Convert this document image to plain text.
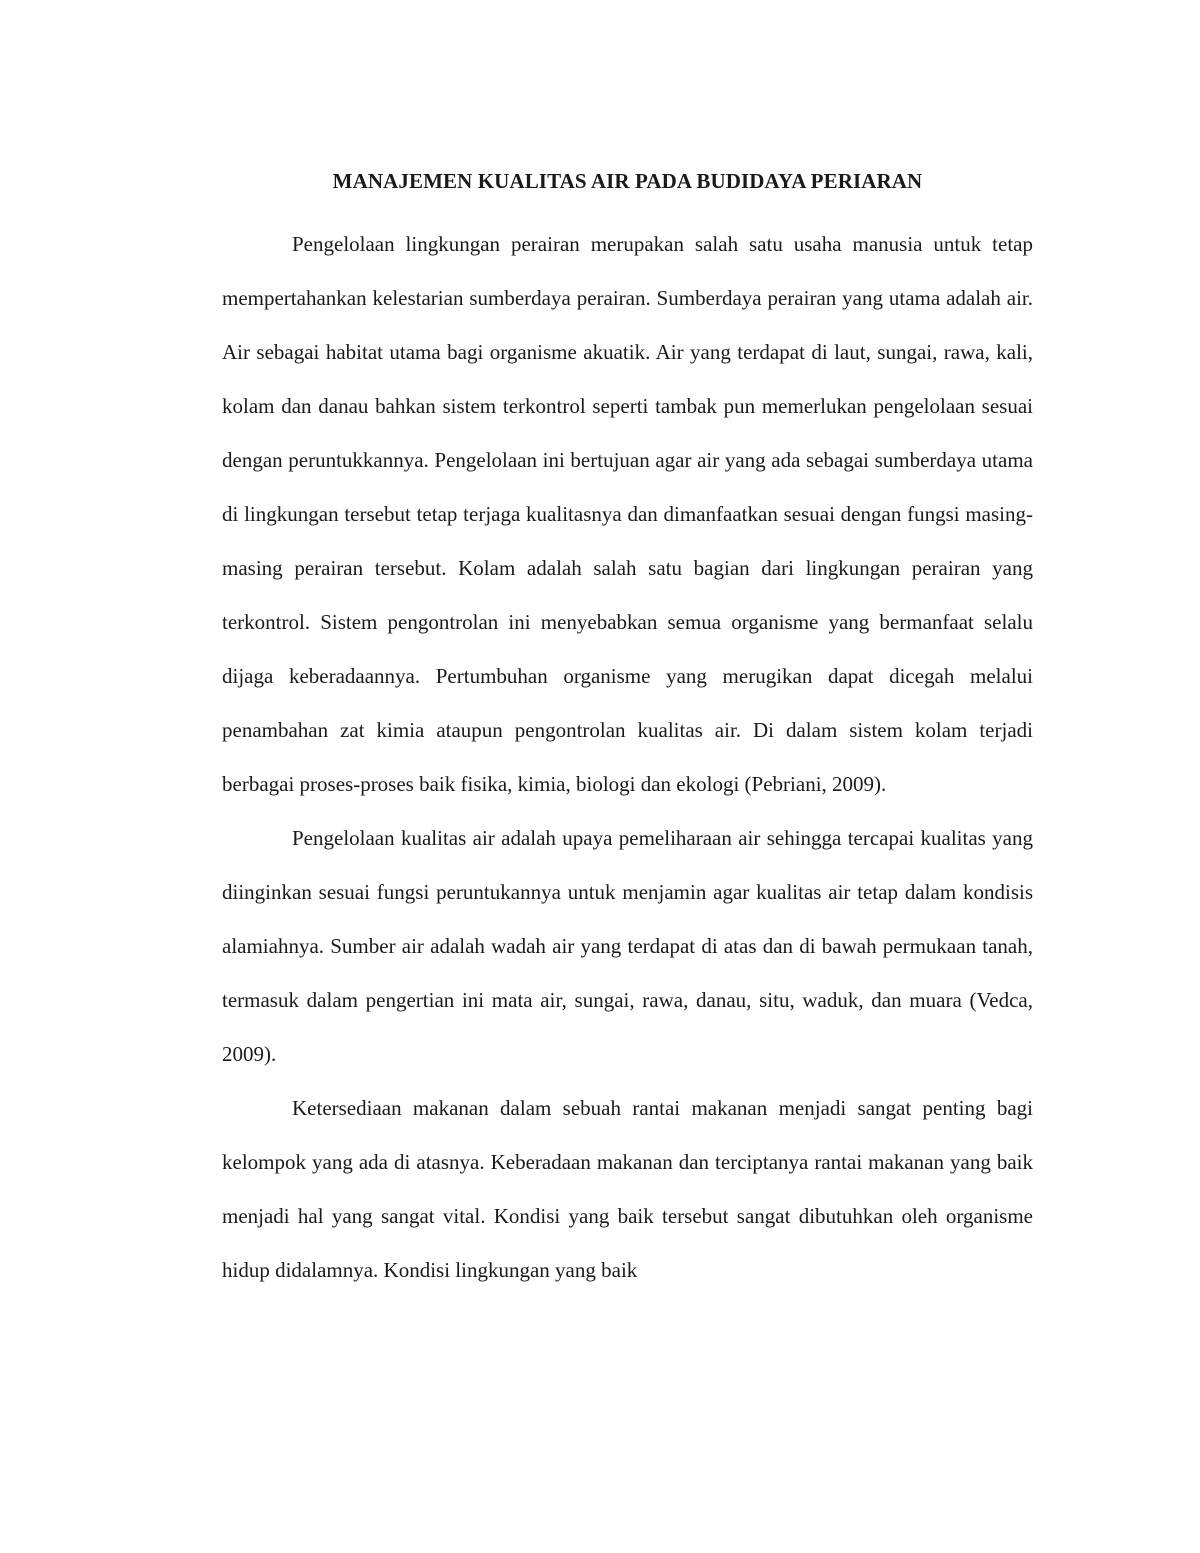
MANAJEMEN KUALITAS AIR PADA BUDIDAYA PERIARAN

Pengelolaan lingkungan perairan merupakan salah satu usaha manusia untuk tetap mempertahankan kelestarian sumberdaya perairan. Sumberdaya perairan yang utama adalah air. Air sebagai habitat utama bagi organisme akuatik. Air yang terdapat di laut, sungai, rawa, kali, kolam dan danau bahkan sistem terkontrol seperti tambak pun memerlukan pengelolaan sesuai dengan peruntukkannya. Pengelolaan ini bertujuan agar air yang ada sebagai sumberdaya utama di lingkungan tersebut tetap terjaga kualitasnya dan dimanfaatkan sesuai dengan fungsi masing-masing perairan tersebut. Kolam adalah salah satu bagian dari lingkungan perairan yang terkontrol. Sistem pengontrolan ini menyebabkan semua organisme yang bermanfaat selalu dijaga keberadaannya. Pertumbuhan organisme yang merugikan dapat dicegah melalui penambahan zat kimia ataupun pengontrolan kualitas air. Di dalam sistem kolam terjadi berbagai proses-proses baik fisika, kimia, biologi dan ekologi (Pebriani, 2009).

Pengelolaan kualitas air adalah upaya pemeliharaan air sehingga tercapai kualitas yang diinginkan sesuai fungsi peruntukannya untuk menjamin agar kualitas air tetap dalam kondisis alamiahnya. Sumber air adalah wadah air yang terdapat di atas dan di bawah permukaan tanah, termasuk dalam pengertian ini mata air, sungai, rawa, danau, situ, waduk, dan muara (Vedca, 2009).

Ketersediaan makanan dalam sebuah rantai makanan menjadi sangat penting bagi kelompok yang ada di atasnya. Keberadaan makanan dan terciptanya rantai makanan yang baik menjadi hal yang sangat vital. Kondisi yang baik tersebut sangat dibutuhkan oleh organisme hidup didalamnya. Kondisi lingkungan yang baik
